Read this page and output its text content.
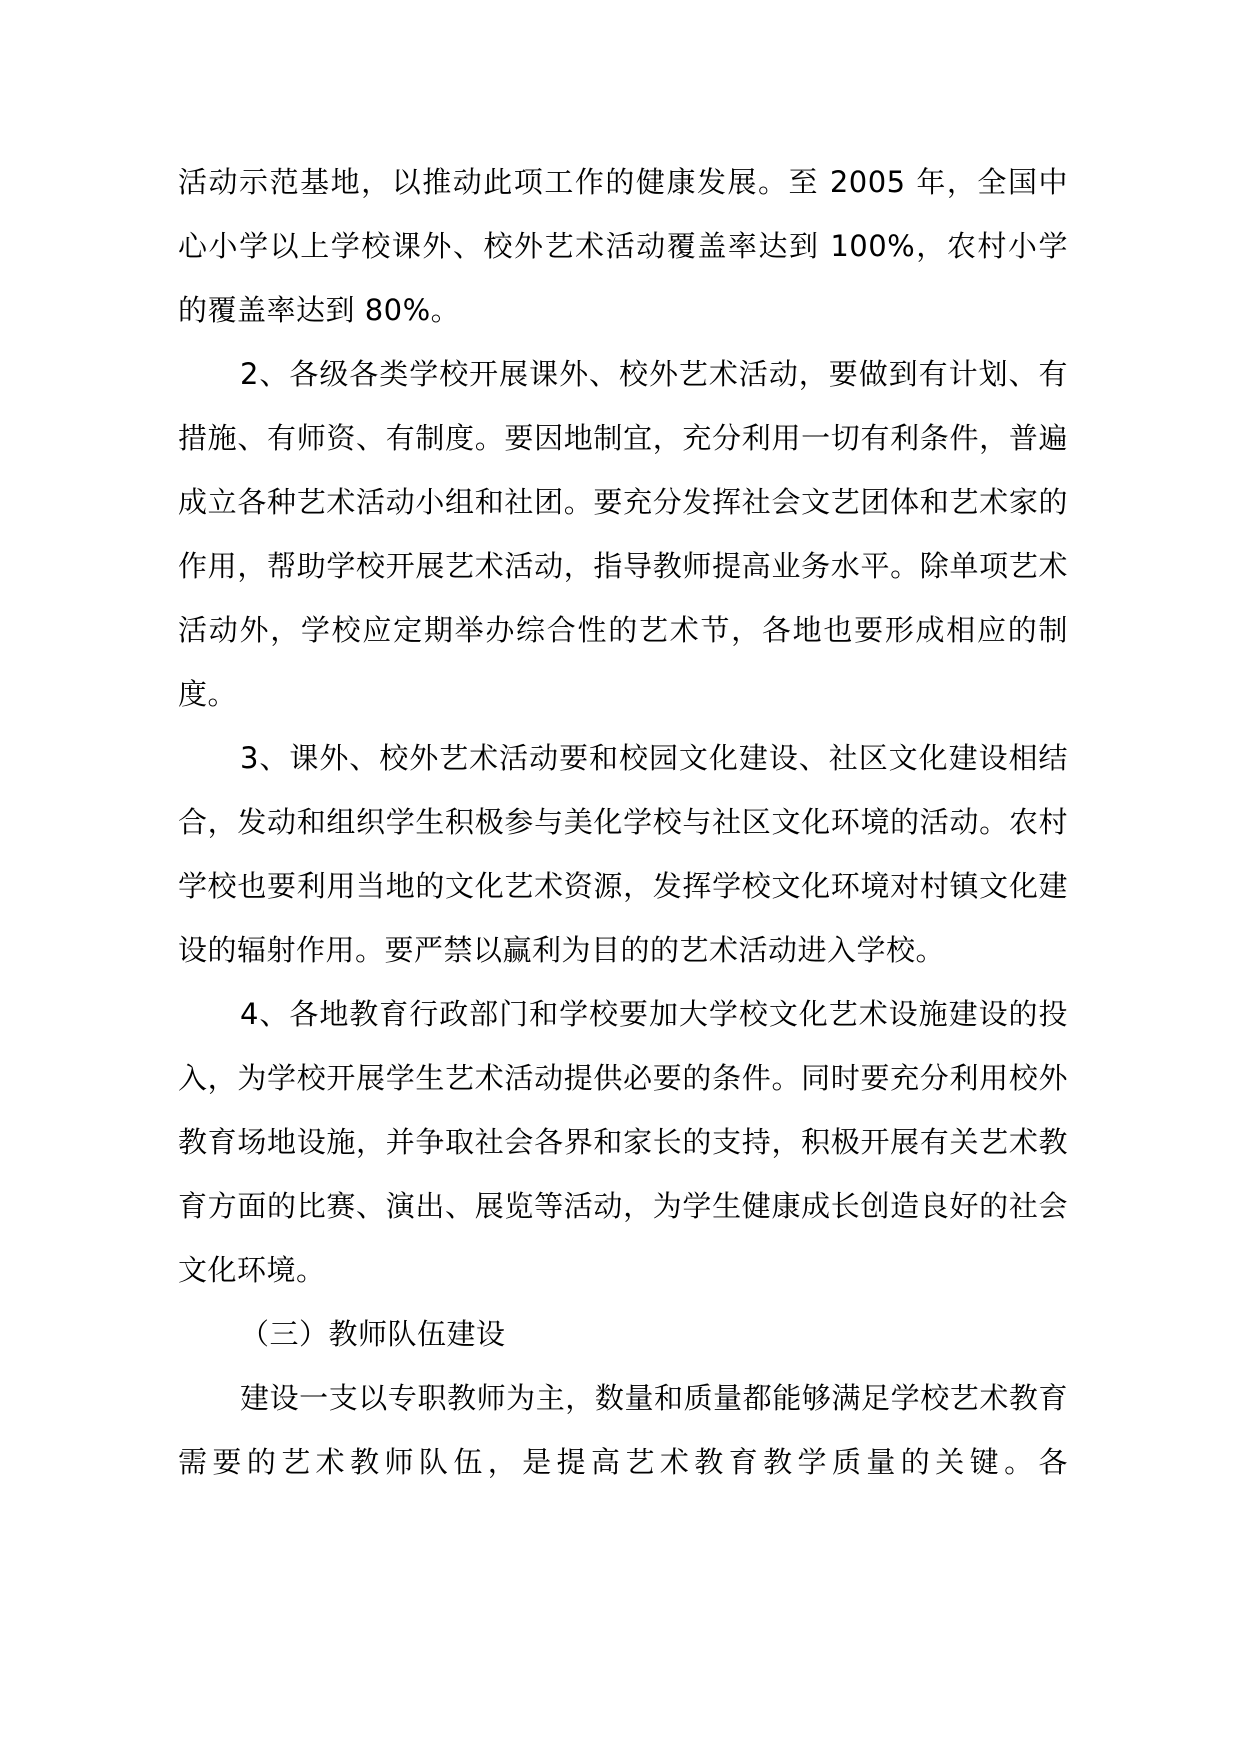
活动示范基地，以推动此项工作的健康发展。至 2005 年，全国中心小学以上学校课外、校外艺术活动覆盖率达到 100%，农村小学的覆盖率达到 80%。

2、各级各类学校开展课外、校外艺术活动，要做到有计划、有措施、有师资、有制度。要因地制宜，充分利用一切有利条件，普遍成立各种艺术活动小组和社团。要充分发挥社会文艺团体和艺术家的作用，帮助学校开展艺术活动，指导教师提高业务水平。除单项艺术活动外，学校应定期举办综合性的艺术节，各地也要形成相应的制度。

3、课外、校外艺术活动要和校园文化建设、社区文化建设相结合，发动和组织学生积极参与美化学校与社区文化环境的活动。农村学校也要利用当地的文化艺术资源，发挥学校文化环境对村镇文化建设的辐射作用。要严禁以赢利为目的的艺术活动进入学校。

4、各地教育行政部门和学校要加大学校文化艺术设施建设的投入，为学校开展学生艺术活动提供必要的条件。同时要充分利用校外教育场地设施，并争取社会各界和家长的支持，积极开展有关艺术教育方面的比赛、演出、展览等活动，为学生健康成长创造良好的社会文化环境。

（三）教师队伍建设

建设一支以专职教师为主，数量和质量都能够满足学校艺术教育需要的艺术教师队伍，是提高艺术教育教学质量的关键。各
